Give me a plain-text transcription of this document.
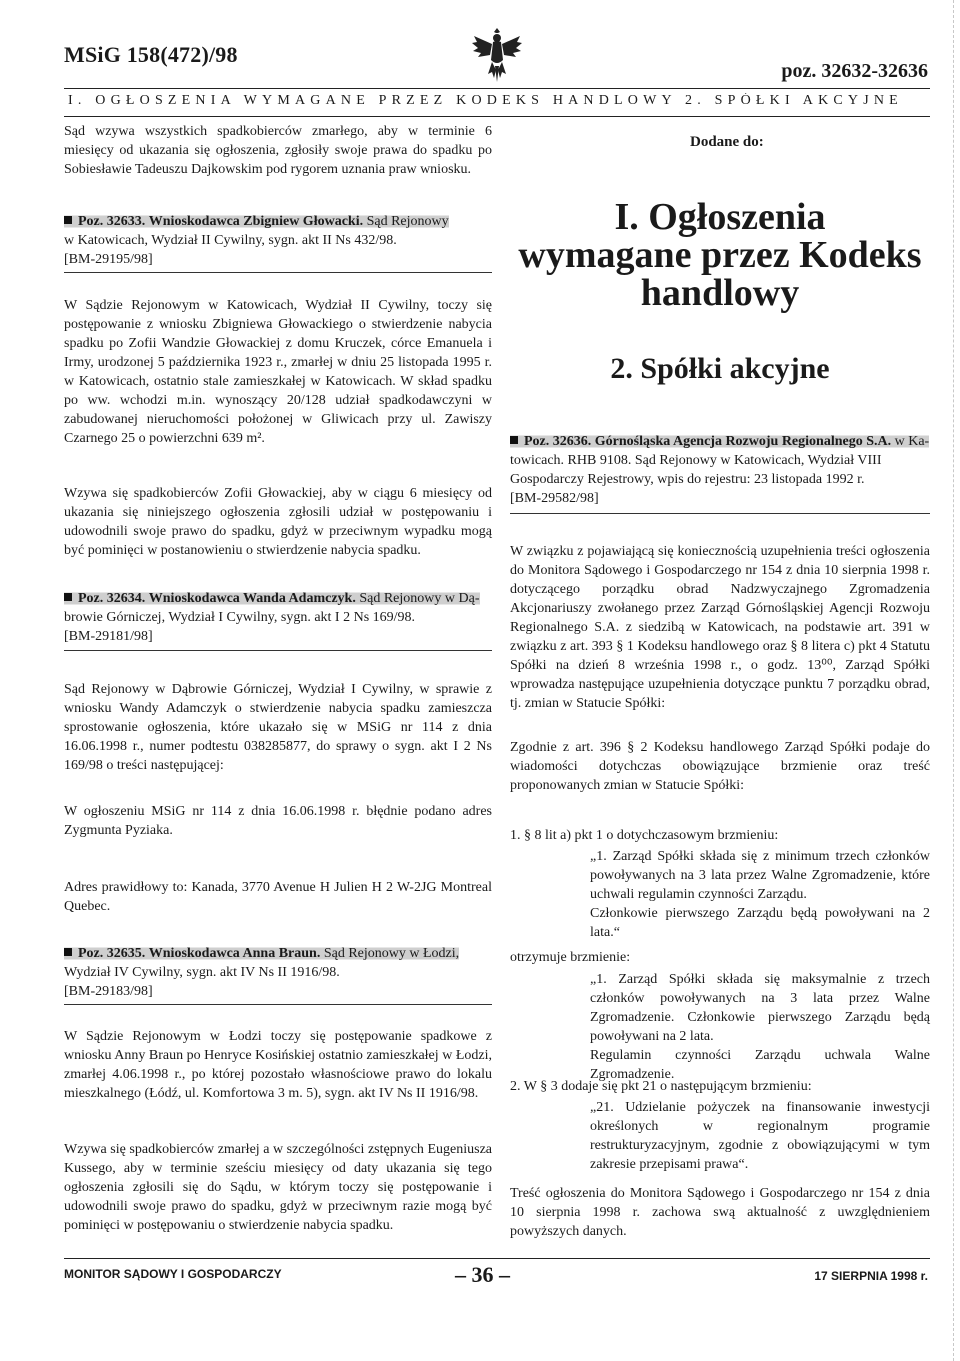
MSiG 158(472)/98
poz. 32632-32636
I. OGŁOSZENIA WYMAGANE PRZEZ KODEKS HANDLOWY 2. SPÓŁKI AKCYJNE

Sąd wzywa wszystkich spadkobierców zmarłego, aby w terminie 6 miesięcy od ukazania się ogłoszenia, zgłosiły swoje prawa do spadku po Sobiesławie Tadeuszu Dajkowskim pod rygorem uznania praw wniosku.

Poz. 32633. Wnioskodawca Zbigniew Głowacki. Sąd Rejonowy
w Katowicach, Wydział II Cywilny, sygn. akt II Ns 432/98.
[BM-29195/98]

W Sądzie Rejonowym w Katowicach, Wydział II Cywilny, toczy się postępowanie z wniosku Zbigniewa Głowackiego o stwierdzenie nabycia spadku po Zofii Wandzie Głowackiej z domu Kruczek, córce Emanuela i Irmy, urodzonej 5 października 1923 r., zmarłej w dniu 25 listopada 1995 r. w Katowicach, ostatnio stale zamieszkałej w Katowicach. W skład spadku po ww. wchodzi m.in. wynoszący 20/128 udział spadkodawczyni w zabudowanej nieruchomości położonej w Gliwicach przy ul. Zawiszy Czarnego 25 o powierzchni 639 m².

Wzywa się spadkobierców Zofii Głowackiej, aby w ciągu 6 miesięcy od ukazania się niniejszego ogłoszenia zgłosili udział w postępowaniu i udowodnili swoje prawo do spadku, gdyż w przeciwnym wypadku mogą być pominięci w postanowieniu o stwierdzenie nabycia spadku.

Poz. 32634. Wnioskodawca Wanda Adamczyk. Sąd Rejonowy w Dą-
browie Górniczej, Wydział I Cywilny, sygn. akt I 2 Ns 169/98.
[BM-29181/98]

Sąd Rejonowy w Dąbrowie Górniczej, Wydział I Cywilny, w sprawie z wniosku Wandy Adamczyk o stwierdzenie nabycia spadku zamieszcza sprostowanie ogłoszenia, które ukazało się w MSiG nr 114 z dnia 16.06.1998 r., numer podtestu 038285877, do sprawy o sygn. akt I 2 Ns 169/98 o treści następującej:

W ogłoszeniu MSiG nr 114 z dnia 16.06.1998 r. błędnie podano adres Zygmunta Pyziaka.

Adres prawidłowy to: Kanada, 3770 Avenue H Julien H 2 W-2JG Montreal Quebec.

Poz. 32635. Wnioskodawca Anna Braun. Sąd Rejonowy w Łodzi,
Wydział IV Cywilny, sygn. akt IV Ns II 1916/98.
[BM-29183/98]

W Sądzie Rejonowym w Łodzi toczy się postępowanie spadkowe z wniosku Anny Braun po Henryce Kosińskiej ostatnio zamieszkałej w Łodzi, zmarłej 4.06.1998 r., po której pozostało własnościowe prawo do lokalu mieszkalnego (Łódź, ul. Komfortowa 3 m. 5), sygn. akt IV Ns II 1916/98.

Wzywa się spadkobierców zmarłej a w szczególności zstępnych Eugeniusza Kussego, aby w terminie sześciu miesięcy od daty ukazania się tego ogłoszenia zgłosili się do Sądu, w którym toczy się postępowanie i udowodnili swoje prawo do spadku, gdyż w przeciwnym razie mogą być pominięci w postępowaniu o stwierdzenie nabycia spadku.

Dodane do:
I. Ogłoszenia
wymagane przez Kodeks
handlowy
2. Spółki akcyjne
Poz. 32636. Górnośląska Agencja Rozwoju Regionalnego S.A. w Ka- towicach. RHB 9108. Sąd Rejonowy w Katowicach, Wydział VIII Gospodarczy Rejestrowy, wpis do rejestru: 23 listopada 1992 r.
[BM-29582/98]

W związku z pojawiającą się koniecznością uzupełnienia treści ogłoszenia do Monitora Sądowego i Gospodarczego nr 154 z dnia 10 sierpnia 1998 r. dotyczącego porządku obrad Nadzwyczajnego Zgromadzenia Akcjonariuszy zwołanego przez Zarząd Górnośląskiej Agencji Rozwoju Regionalnego S.A. z siedzibą w Katowicach, na podstawie art. 391 w związku z art. 393 § 1 Kodeksu handlowego oraz § 8 litera c) pkt 4 Statutu Spółki na dzień 8 września 1998 r., o godz. 13⁰⁰, Zarząd Spółki wprowadza następujące uzupełnienia dotyczące punktu 7 porządku obrad, tj. zmian w Statucie Spółki:

Zgodnie z art. 396 § 2 Kodeksu handlowego Zarząd Spółki podaje do wiadomości dotychczas obowiązujące brzmienie oraz treść proponowanych zmian w Statucie Spółki:

1. § 8 lit a) pkt 1 o dotychczasowym brzmieniu:

„1. Zarząd Spółki składa się z minimum trzech członków powoływanych na 3 lata przez Walne Zgromadzenie, które uchwali regulamin czynności Zarządu.

Członkowie pierwszego Zarządu będą powoływani na 2 lata.“

otrzymuje brzmienie:

„1. Zarząd Spółki składa się maksymalnie z trzech członków powoływanych na 3 lata przez Walne Zgromadzenie. Członkowie pierwszego Zarządu będą powoływani na 2 lata.

Regulamin czynności Zarządu uchwala Walne Zgromadzenie.

2. W § 3 dodaje się pkt 21 o następującym brzmieniu:

„21. Udzielanie pożyczek na finansowanie inwestycji określonych w regionalnym programie restrukturyzacyjnym, zgodnie z obowiązującymi w tym zakresie przepisami prawa“.

Treść ogłoszenia do Monitora Sądowego i Gospodarczego nr 154 z dnia 10 sierpnia 1998 r. zachowa swą aktualność z uwzględnieniem powyższych danych.

MONITOR SĄDOWY I GOSPODARCZY	– 36 –	17 SIERPNIA 1998 r.
